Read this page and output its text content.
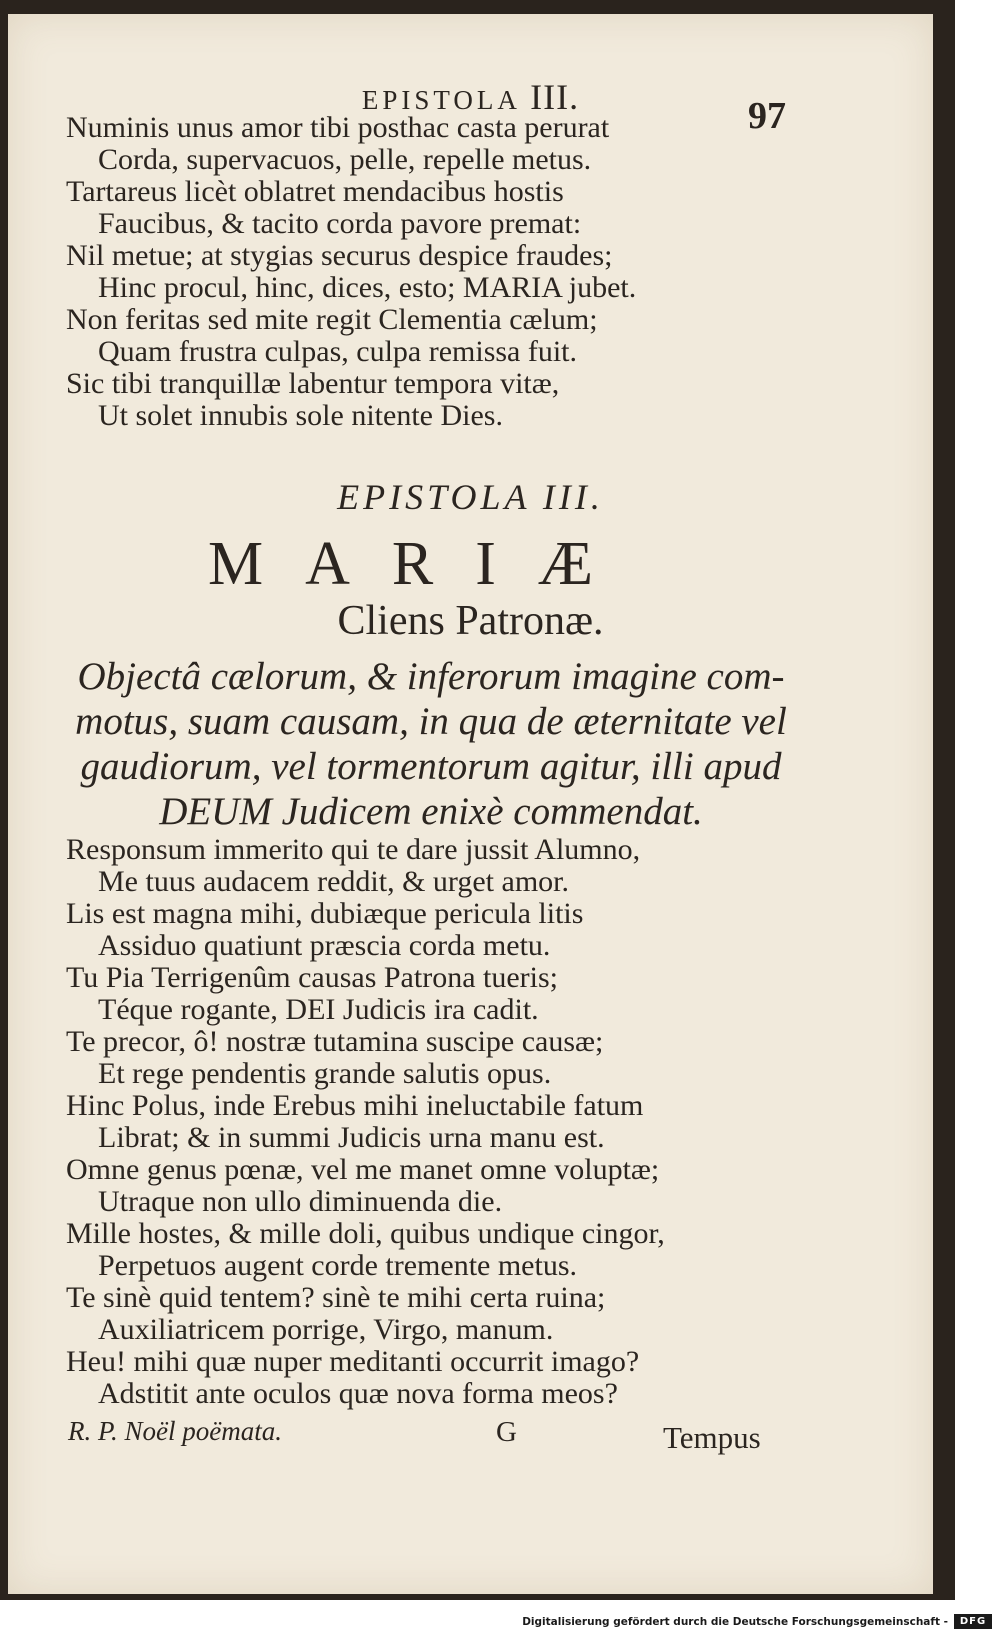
EPISTOLA III.	97
Numinis unus amor tibi posthac casta perurat
Corda, supervacuos, pelle, repelle metus.
Tartareus licèt oblatret mendacibus hostis
Faucibus, & tacito corda pavore premat:
Nil metue; at stygias securus despice fraudes;
Hinc procul, hinc, dices, esto; MARIA jubet.
Non feritas sed mite regit Clementia cælum;
Quam frustra culpas, culpa remissa fuit.
Sic tibi tranquillæ labentur tempora vitæ,
Ut solet innubis sole nitente Dies.
EPISTOLA III.
MARIÆ
Cliens Patronæ.
Objectâ cælorum, & inferorum imagine com-
motus, suam causam, in qua de æternitate vel
gaudiorum, vel tormentorum agitur, illi apud
DEUM Judicem enixè commendat.
Responsum immerito qui te dare jussit Alumno,
Me tuus audacem reddit, & urget amor.
Lis est magna mihi, dubiæque pericula litis
Assiduo quatiunt præscia corda metu.
Tu Pia Terrigenûm causas Patrona tueris;
Téque rogante, DEI Judicis ira cadit.
Te precor, ô! nostræ tutamina suscipe causæ;
Et rege pendentis grande salutis opus.
Hinc Polus, inde Erebus mihi ineluctabile fatum
Librat; & in summi Judicis urna manu est.
Omne genus pœnæ, vel me manet omne voluptæ;
Utraque non ullo diminuenda die.
Mille hostes, & mille doli, quibus undique cingor,
Perpetuos augent corde tremente metus.
Te sinè quid tentem? sinè te mihi certa ruina;
Auxiliatricem porrige, Virgo, manum.
Heu! mihi quæ nuper meditanti occurrit imago?
Adstitit ante oculos quæ nova forma meos?
R. P. Noël poëmata.	G	Tempus
Digitalisierung gefördert durch die Deutsche Forschungsgemeinschaft -	DFG
